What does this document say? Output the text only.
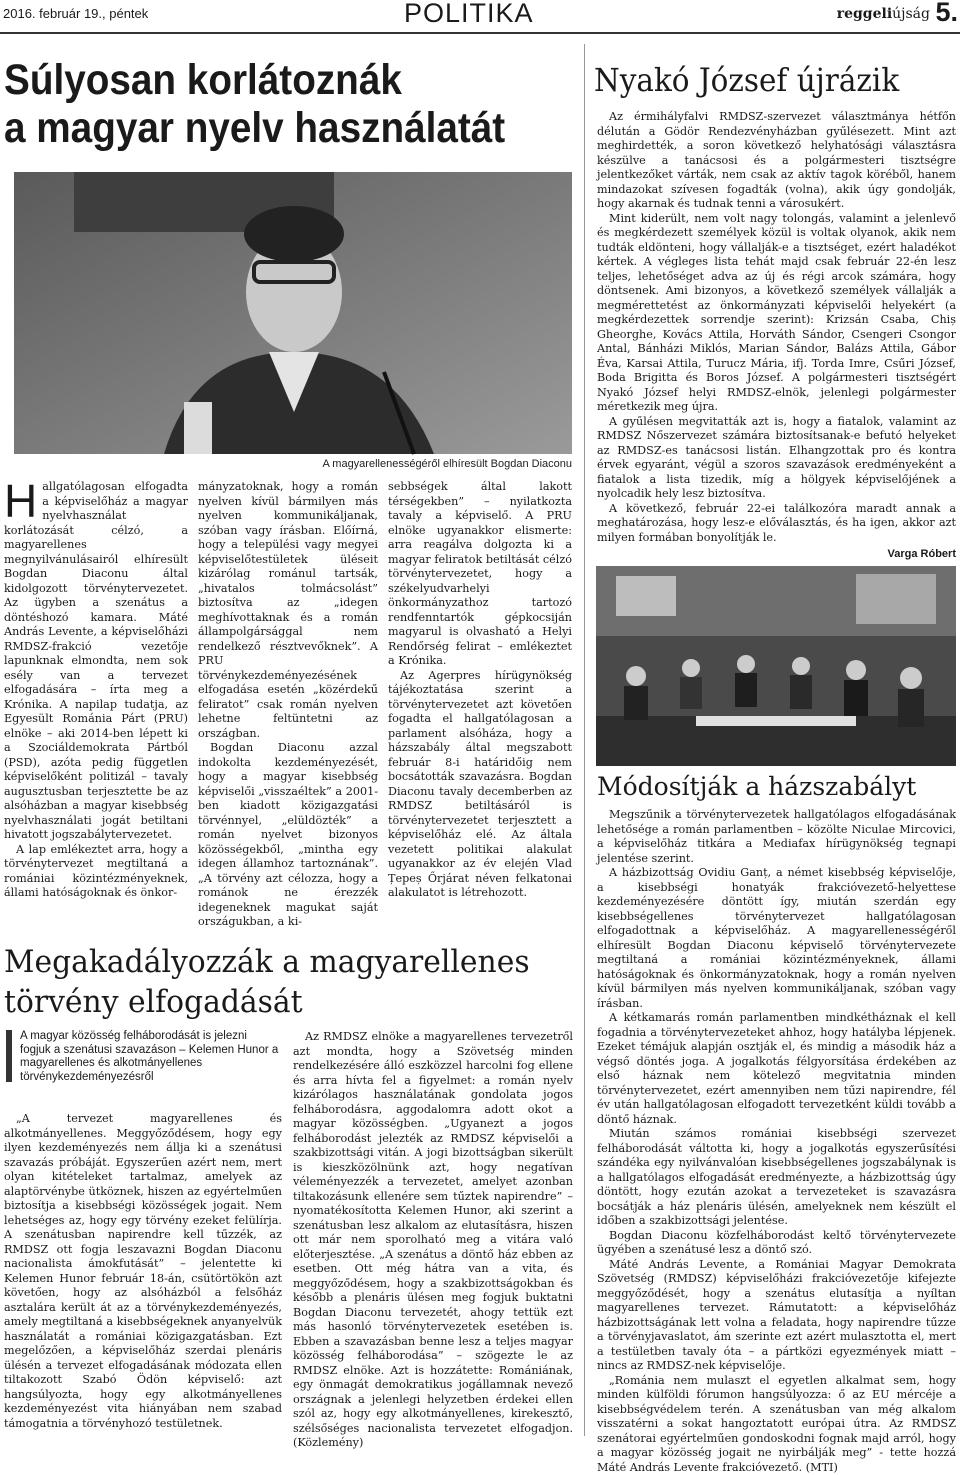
2016. február 19., péntek	POLITIKA	reggeliújság 5.
Súlyosan korlátoznák
a magyar nyelv használatát
A magyarellenességéről elhíresült Bogdan Diaconu
H allgatólagosan elfogadta a képviselőház a magyar nyelvhasználat korlátozását célzó, a magyarellenes megnyilvánulásairól elhíresült Bogdan Diaconu által kidolgozott törvénytervezetet. Az ügyben a szenátus a döntéshozó kamara. Máté András Levente, a képviselőházi RMDSZ-frakció vezetője lapunknak elmondta, nem sok esély van a tervezet elfogadására – írta meg a Krónika. A napilap tudatja, az Egyesült Románia Párt (PRU) elnöke – aki 2014-ben lépett ki a Szociáldemokrata Pártból (PSD), azóta pedig független képviselőként politizál – tavaly augusztusban terjesztette be az alsóházban a magyar kisebbség nyelvhasználati jogát betiltani hivatott jogszabálytervezetet.

A lap emlékeztet arra, hogy a törvénytervezet megtiltaná a romániai közintézményeknek, állami hatóságoknak és önkor-

mányzatoknak, hogy a román nyelven kívül bármilyen más nyelven kommunikáljanak, szóban vagy írásban. Előírná, hogy a települési vagy megyei képviselőtestületek üléseit kizárólag románul tartsák, „hivatalos tolmácsolást” biztosítva az „idegen meghívottaknak és a román állampolgársággal nem rendelkező résztvevőknek”. A PRU törvénykezdeményezésének elfogadása esetén „közérdekű feliratot” csak román nyelven lehetne feltüntetni az országban.

Bogdan Diaconu azzal indokolta kezdeményezését, hogy a magyar kisebbség képviselői „visszaéltek” a 2001-ben kiadott közigazgatási törvénnyel, „elüldözték” a román nyelvet bizonyos közösségekből, „mintha egy idegen államhoz tartoznának”. „A törvény azt célozza, hogy a románok ne érezzék idegeneknek magukat saját országukban, a ki-

sebbségek által lakott térségekben” – nyilatkozta tavaly a képviselő. A PRU elnöke ugyanakkor elismerte: arra reagálva dolgozta ki a magyar feliratok betiltását célzó törvénytervezetet, hogy a székelyudvarhelyi önkormányzathoz tartozó rendfenntartók gépkocsiján magyarul is olvasható a Helyi Rendőrség felirat – emlékeztet a Krónika.

Az Agerpres hírügynökség tájékoztatása szerint a törvénytervezetet azt követően fogadta el hallgatólagosan a parlament alsóháza, hogy a házszabály által megszabott február 8-i határidőig nem bocsátották szavazásra. Bogdan Diaconu tavaly decemberben az RMDSZ betiltásáról is törvénytervezetet terjesztett a képviselőház elé. Az általa vezetett politikai alakulat ugyanakkor az év elején Vlad Țepeș Őrjárat néven felkatonai alakulatot is létrehozott.

Nyakó József újrázik

Az érmihályfalvi RMDSZ-szervezet választmánya hétfőn délután a Gödör Rendezvényházban gyűlésezett. Mint azt meghirdették, a soron következő helyhatósági választásra készülve a tanácsosi és a polgármesteri tisztségre jelentkezőket várták, nem csak az aktív tagok köréből, hanem mindazokat szívesen fogadták (volna), akik úgy gondolják, hogy akarnak és tudnak tenni a városukért.

Mint kiderült, nem volt nagy tolongás, valamint a jelenlevő és megkérdezett személyek közül is voltak olyanok, akik nem tudták eldönteni, hogy vállalják-e a tisztséget, ezért haladékot kértek. A végleges lista tehát majd csak február 22-én lesz teljes, lehetőséget adva az új és régi arcok számára, hogy döntsenek. Ami bizonyos, a következő személyek vállalják a megmérettetést az önkormányzati képviselői helyekért (a megkérdezettek sorrendje szerint): Krizsán Csaba, Chiș Gheorghe, Kovács Attila, Horváth Sándor, Csengeri Csongor Antal, Bánházi Miklós, Marian Sándor, Balázs Attila, Gábor Éva, Karsai Attila, Turucz Mária, ifj. Torda Imre, Csűri József, Boda Brigitta és Boros József. A polgármesteri tisztségért Nyakó József helyi RMDSZ-elnök, jelenlegi polgármester méretkezik meg újra.

A gyűlésen megvitatták azt is, hogy a fiatalok, valamint az RMDSZ Nőszervezet számára biztosítsanak-e befutó helyeket az RMDSZ-es tanácsosi listán. Elhangzottak pro és kontra érvek egyaránt, végül a szoros szavazások eredményeként a fiatalok a lista tizedik, míg a hölgyek képviselőjének a nyolcadik hely lesz biztosítva.

A következő, február 22-ei találkozóra maradt annak a meghatározása, hogy lesz-e előválasztás, és ha igen, akkor azt milyen formában bonyolítják le.

Varga Róbert
Módosítják a házszabályt

Megszűnik a törvénytervezetek hallgatólagos elfogadásának lehetősége a román parlamentben – közölte Niculae Mircovici, a képviselőház titkára a Mediafax hírügynökség tegnapi jelentése szerint.

A házbizottság Ovidiu Ganț, a német kisebbség képviselője, a kisebbségi honatyák frakcióvezető-helyettese kezdeményezésére döntött így, miután szerdán egy kisebbségellenes törvénytervezet hallgatólagosan elfogadottnak a képviselőház. A magyarellenességéről elhíresült Bogdan Diaconu képviselő törvénytervezete megtiltaná a romániai közintézményeknek, állami hatóságoknak és önkormányzatoknak, hogy a román nyelven kívül bármilyen más nyelven kommunikáljanak, szóban vagy írásban.

A kétkamarás román parlamentben mindkétháznak el kell fogadnia a törvénytervezeteket ahhoz, hogy hatályba lépjenek. Ezeket témájuk alapján osztják el, és mindig a második ház a végső döntés joga. A jogalkotás félgyorsítása érdekében az első háznak nem kötelező megvitatnia minden törvénytervezetet, ezért amennyiben nem tűzi napirendre, fél év után hallgatólagosan elfogadott tervezetként küldi tovább a döntő háznak.

Miután számos romániai kisebbségi szervezet felháborodását váltotta ki, hogy a jogalkotás egyszerűsítési szándéka egy nyilvánvalóan kisebbségellenes jogszabálynak is a hallgatólagos elfogadását eredményezte, a házbizottság úgy döntött, hogy ezután azokat a tervezeteket is szavazásra bocsátják a ház plenáris ülésén, amelyeknek nem készült el időben a szakbizottsági jelentése.

Bogdan Diaconu közfelháborodást keltő törvénytervezete ügyében a szenátusé lesz a döntő szó.

Máté András Levente, a Romániai Magyar Demokrata Szövetség (RMDSZ) képviselőházi frakcióvezetője kifejezte meggyőződését, hogy a szenátus elutasítja a nyíltan magyarellenes tervezet. Rámutatott: a képviselőház házbizottságának lett volna a feladata, hogy napirendre tűzze a törvényjavaslatot, ám szerinte ezt azért mulasztotta el, mert a testületben tavaly óta – a pártközi egyezmények miatt – nincs az RMDSZ-nek képviselője.

„Románia nem mulaszt el egyetlen alkalmat sem, hogy minden külföldi fórumon hangsúlyozza: ő az EU mércéje a kisebbségvédelem terén. A szenátusban van még alkalom visszatérni a sokat hangoztatott európai útra. Az RMDSZ szenátorai egyértelműen gondoskodni fognak majd arról, hogy a magyar közösség jogait ne nyirbálják meg” - tette hozzá Máté András Levente frakcióvezető. (MTI)

Megakadályozzák a magyarellenes
törvény elfogadását
A magyar közösség felháborodását is jelezni fogjuk a szenátusi szavazáson – Kelemen Hunor a magyarellenes és alkotmányellenes törvénykezdeményezésről

„A tervezet magyarellenes és alkotmányellenes. Meggyőződésem, hogy egy ilyen kezdeményezés nem állja ki a szenátusi szavazás próbáját. Egyszerűen azért nem, mert olyan kitételeket tartalmaz, amelyek az alaptörvénybe ütköznek, hiszen az egyértelműen biztosítja a kisebbségi közösségek jogait. Nem lehetséges az, hogy egy törvény ezeket felülírja. A szenátusban napirendre kell tűzzék, az RMDSZ ott fogja leszavazni Bogdan Diaconu nacionalista ámokfutását” – jelentette ki Kelemen Hunor február 18-án, csütörtökön azt követően, hogy az alsóházból a felsőház asztalára került át az a törvénykezdeményezés, amely megtiltaná a kisebbségeknek anyanyelvük használatát a romániai közigazgatásban. Ezt megelőzően, a képviselőház szerdai plenáris ülésén a tervezet elfogadásának módozata ellen tiltakozott Szabó Ödön képviselő: azt hangsúlyozta, hogy egy alkotmányellenes kezdeményezést vita hiányában nem szabad támogatnia a törvényhozó testületnek.

Az RMDSZ elnöke a magyarellenes tervezetről azt mondta, hogy a Szövetség minden rendelkezésére álló eszközzel harcolni fog ellene és arra hívta fel a figyelmet: a román nyelv kizárólagos használatának gondolata jogos felháborodásra, aggodalomra adott okot a magyar közösségben. „Ugyanezt a jogos felháborodást jelezték az RMDSZ képviselői a szakbizottsági vitán. A jogi bizottságban sikerült is kieszközölnünk azt, hogy negatívan véleményezzék a tervezetet, amelyet azonban tiltakozásunk ellenére sem tűztek napirendre” – nyomatékosította Kelemen Hunor, aki szerint a szenátusban lesz alkalom az elutasításra, hiszen ott már nem sporolható meg a vitára való előterjesztése. „A szenátus a döntő ház ebben az esetben. Ott még hátra van a vita, és meggyőződésem, hogy a szakbizottságokban és később a plenáris ülésen meg fogjuk buktatni Bogdan Diaconu tervezetét, ahogy tettük ezt más hasonló törvénytervezetek esetében is. Ebben a szavazásban benne lesz a teljes magyar közösség felháborodása” – szögezte le az RMDSZ elnöke. Azt is hozzátette: Romániának, egy önmagát demokratikus jogállamnak nevező országnak a jelenlegi helyzetben érdekei ellen szól az, hogy egy alkotmányellenes, kirekesztő, szélsőséges nacionalista tervezetet elfogadjon. (Közlemény)
